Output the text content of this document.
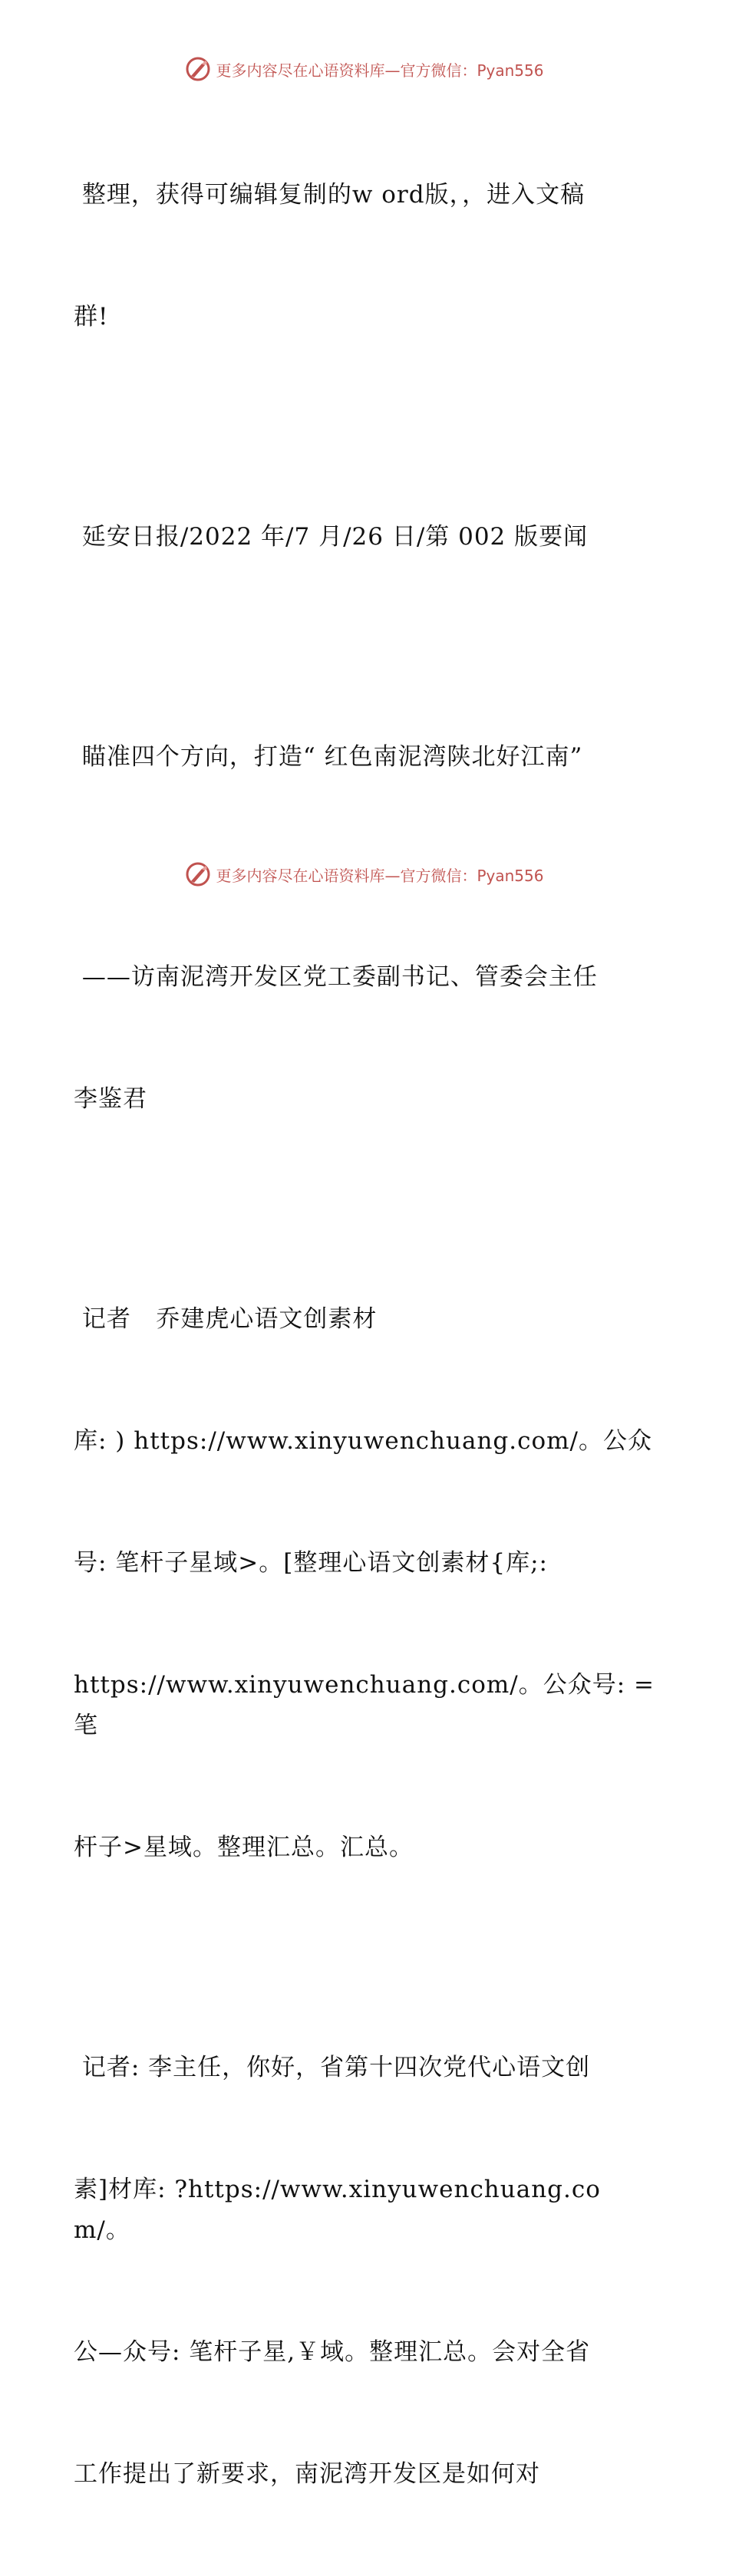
更多内容尽在心语资料库—官方微信：Pyan556

整理，获得可编辑复制的w ord版，，进入文稿

群!

延安日报/2022 年/7 月/26 日/第 002 版要闻

瞄准四个方向，打造“ 红色南泥湾陕北好江南”

——访南泥湾开发区党工委副书记、管委会主任

李鉴君

记者   乔建虎心语文创素材

库: ) https://www.xinyuwenchuang.com/。公众

号: 笔杆子星域>。[整理心语文创素材{库;:

https://www.xinyuwenchuang.com/。公众号: =笔

杆子>星域。整理汇总。汇总。

记者: 李主任，你好，省第十四次党代心语文创

素]材库: ?https://www.xinyuwenchuang.com/。

公—众号: 笔杆子星,￥域。整理汇总。会对全省

工作提出了新要求，南泥湾开发区是如何对

更多内容尽在心语资料库—官方微信：Pyan556
